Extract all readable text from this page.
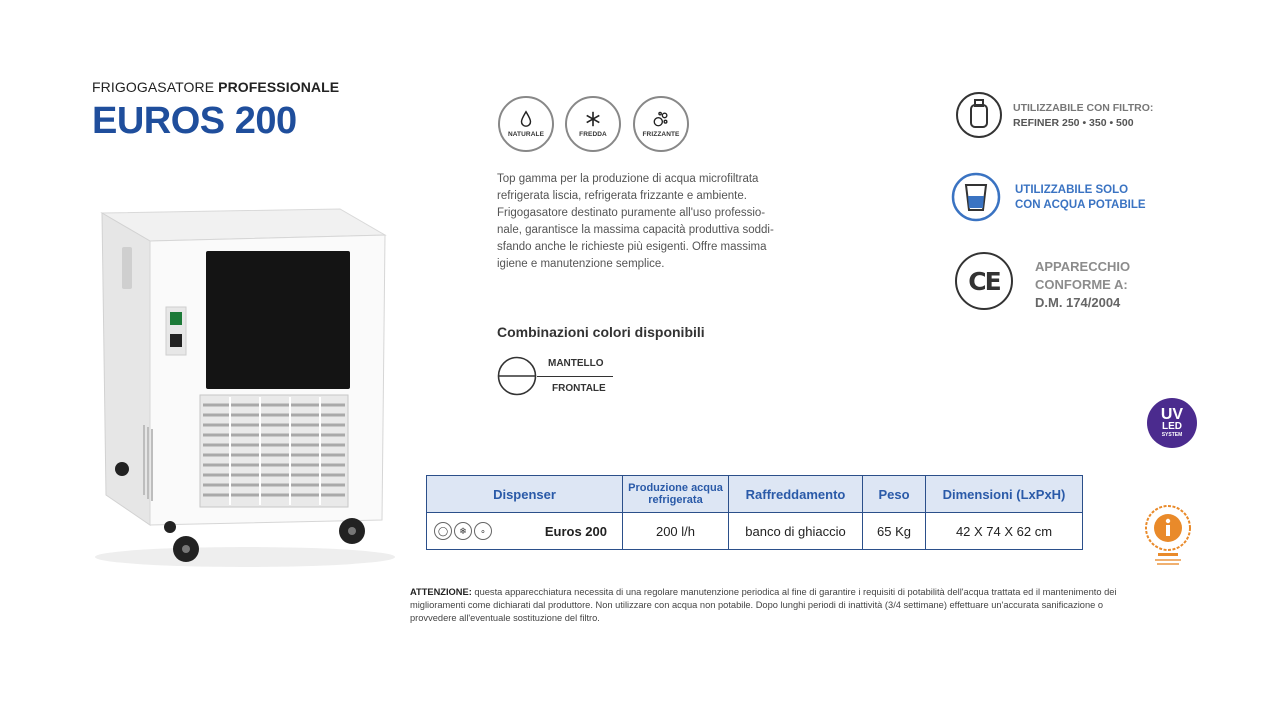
FRIGOGASATORE PROFESSIONALE
EUROS 200	NATURALE	FREDDA	FRIZZANTE
Top gamma per la produzione di acqua microfiltrata
refrigerata liscia, refrigerata frizzante e ambiente.
Frigogasatore destinato puramente all'uso professio-
nale, garantisce la massima capacità produttiva soddi-
sfando anche le richieste più esigenti. Offre massima
igiene e manutenzione semplice.
Combinazioni colori disponibili
MANTELLO
FRONTALE
UTILIZZABILE CON FILTRO:
REFINER 250 • 350 • 500
UTILIZZABILE SOLO
CON ACQUA POTABILE
CE	APPARECCHIO
CONFORME A:
D.M. 174/2004
UV
LED
SYSTEM
Dispenser	Produzione acqua refrigerata	Raffreddamento	Peso	Dimensioni (LxPxH)

◯ ❄ ∘ Euros 200	200 l/h	banco di ghiaccio	65 Kg	42 X 74 X 62 cm
ATTENZIONE: questa apparecchiatura necessita di una regolare manutenzione periodica al fine di garantire i requisiti di potabilità dell'acqua trattata ed il mantenimento dei miglioramenti come dichiarati dal produttore. Non utilizzare con acqua non potabile. Dopo lunghi periodi di inattività (3/4 settimane) effettuare un'accurata sanificazione o provvedere all'eventuale sostituzione del filtro.
